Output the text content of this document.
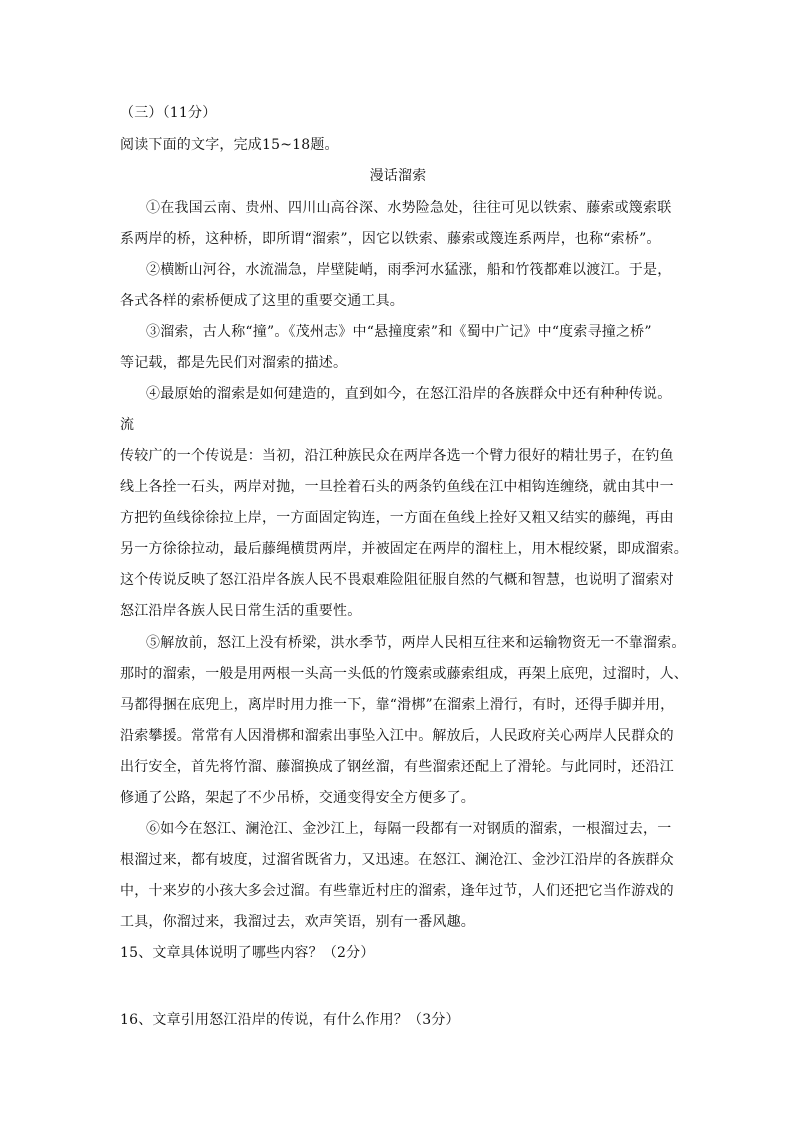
（三）（11分）
阅读下面的文字，完成15~18题。
漫话溜索
①在我国云南、贵州、四川山高谷深、水势险急处，往往可见以铁索、藤索或篾索联
系两岸的桥，这种桥，即所谓“溜索”，因它以铁索、藤索或篾连系两岸，也称“索桥”。
②横断山河谷，水流湍急，岸壁陡峭，雨季河水猛涨，船和竹筏都难以渡江。于是，
各式各样的索桥便成了这里的重要交通工具。
③溜索，古人称“撞”。《茂州志》中“悬撞度索”和《蜀中广记》中“度索寻撞之桥”
等记载，都是先民们对溜索的描述。
④最原始的溜索是如何建造的，直到如今，在怒江沿岸的各族群众中还有种种传说。
流
传较广的一个传说是：当初，沿江种族民众在两岸各选一个臂力很好的精壮男子，在钓鱼
线上各拴一石头，两岸对抛，一旦拴着石头的两条钓鱼线在江中相钩连缠绕，就由其中一
方把钓鱼线徐徐拉上岸，一方面固定钩连，一方面在鱼线上拴好又粗又结实的藤绳，再由
另一方徐徐拉动，最后藤绳横贯两岸，并被固定在两岸的溜柱上，用木棍绞紧，即成溜索。
这个传说反映了怒江沿岸各族人民不畏艰难险阻征服自然的气概和智慧，也说明了溜索对
怒江沿岸各族人民日常生活的重要性。
⑤解放前，怒江上没有桥梁，洪水季节，两岸人民相互往来和运输物资无一不靠溜索。
那时的溜索，一般是用两根一头高一头低的竹篾索或藤索组成，再架上底兜，过溜时，人、
马都得捆在底兜上，离岸时用力推一下，靠“滑梆”在溜索上滑行，有时，还得手脚并用，
沿索攀援。常常有人因滑梆和溜索出事坠入江中。解放后，人民政府关心两岸人民群众的
出行安全，首先将竹溜、藤溜换成了钢丝溜，有些溜索还配上了滑轮。与此同时，还沿江
修通了公路，架起了不少吊桥，交通变得安全方便多了。
⑥如今在怒江、澜沧江、金沙江上，每隔一段都有一对钢质的溜索，一根溜过去，一
根溜过来，都有坡度，过溜省既省力，又迅速。在怒江、澜沧江、金沙江沿岸的各族群众
中，十来岁的小孩大多会过溜。有些靠近村庄的溜索，逢年过节，人们还把它当作游戏的
工具，你溜过来，我溜过去，欢声笑语，别有一番风趣。
15、文章具体说明了哪些内容？（2分）
16、文章引用怒江沿岸的传说，有什么作用？（3分）
